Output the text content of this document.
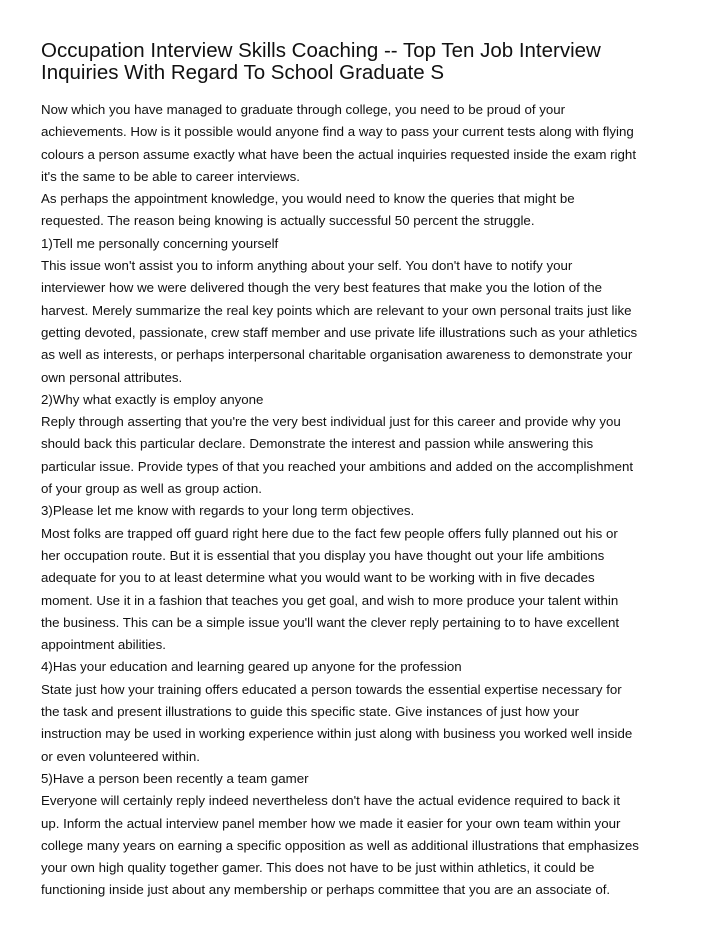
Occupation Interview Skills Coaching -- Top Ten Job Interview
Inquiries With Regard To School Graduate S
Now which you have managed to graduate through college, you need to be proud of your
achievements. How is it possible would anyone find a way to pass your current tests along with flying
colours a person assume exactly what have been the actual inquiries requested inside the exam right
it's the same to be able to career interviews.
As perhaps the appointment knowledge, you would need to know the queries that might be
requested. The reason being knowing is actually successful 50 percent the struggle.
1)Tell me personally concerning yourself
This issue won't assist you to inform anything about your self. You don't have to notify your
interviewer how we were delivered though the very best features that make you the lotion of the
harvest. Merely summarize the real key points which are relevant to your own personal traits just like
getting devoted, passionate, crew staff member and use private life illustrations such as your athletics
as well as interests, or perhaps interpersonal charitable organisation awareness to demonstrate your
own personal attributes.
2)Why what exactly is employ anyone
Reply through asserting that you're the very best individual just for this career and provide why you
should back this particular declare. Demonstrate the interest and passion while answering this
particular issue. Provide types of that you reached your ambitions and added on the accomplishment
of your group as well as group action.
3)Please let me know with regards to your long term objectives.
Most folks are trapped off guard right here due to the fact few people offers fully planned out his or
her occupation route. But it is essential that you display you have thought out your life ambitions
adequate for you to at least determine what you would want to be working with in five decades
moment. Use it in a fashion that teaches you get goal, and wish to more produce your talent within
the business. This can be a simple issue you'll want the clever reply pertaining to to have excellent
appointment abilities.
4)Has your education and learning geared up anyone for the profession
State just how your training offers educated a person towards the essential expertise necessary for
the task and present illustrations to guide this specific state. Give instances of just how your
instruction may be used in working experience within just along with business you worked well inside
or even volunteered within.
5)Have a person been recently a team gamer
Everyone will certainly reply indeed nevertheless don't have the actual evidence required to back it
up. Inform the actual interview panel member how we made it easier for your own team within your
college many years on earning a specific opposition as well as additional illustrations that emphasizes
your own high quality together gamer. This does not have to be just within athletics, it could be
functioning inside just about any membership or perhaps committee that you are an associate of.
